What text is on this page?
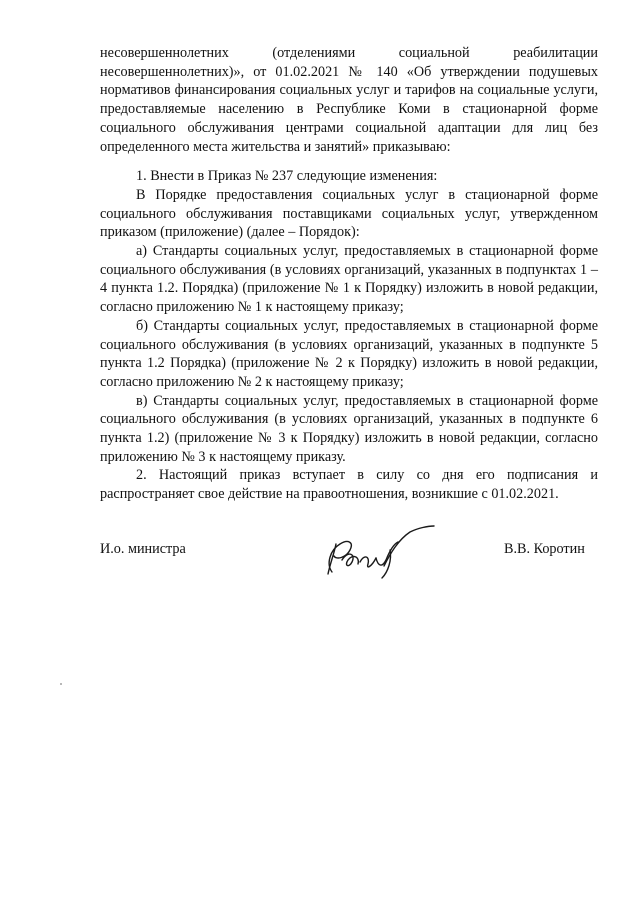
несовершеннолетних (отделениями социальной реабилитации несовершеннолетних)», от 01.02.2021 № 140 «Об утверждении подушевых нормативов финансирования социальных услуг и тарифов на социальные услуги, предоставляемые населению в Республике Коми в стационарной форме социального обслуживания центрами социальной адаптации для лиц без определенного места жительства и занятий» приказываю:

1. Внести в Приказ № 237 следующие изменения:

В Порядке предоставления социальных услуг в стационарной форме социального обслуживания поставщиками социальных услуг, утвержденном приказом (приложение) (далее – Порядок):

а) Стандарты социальных услуг, предоставляемых в стационарной форме социального обслуживания (в условиях организаций, указанных в подпунктах 1 – 4 пункта 1.2. Порядка) (приложение № 1 к Порядку) изложить в новой редакции, согласно приложению № 1 к настоящему приказу;

б) Стандарты социальных услуг, предоставляемых в стационарной форме социального обслуживания (в условиях организаций, указанных в подпункте 5 пункта 1.2 Порядка) (приложение № 2 к Порядку) изложить в новой редакции, согласно приложению № 2 к настоящему приказу;

в) Стандарты социальных услуг, предоставляемых в стационарной форме социального обслуживания (в условиях организаций, указанных в подпункте 6 пункта 1.2) (приложение № 3 к Порядку) изложить в новой редакции, согласно приложению № 3 к настоящему приказу.

2. Настоящий приказ вступает в силу со дня его подписания и распространяет свое действие на правоотношения, возникшие с 01.02.2021.

И.о. министра	В.В. Коротин
